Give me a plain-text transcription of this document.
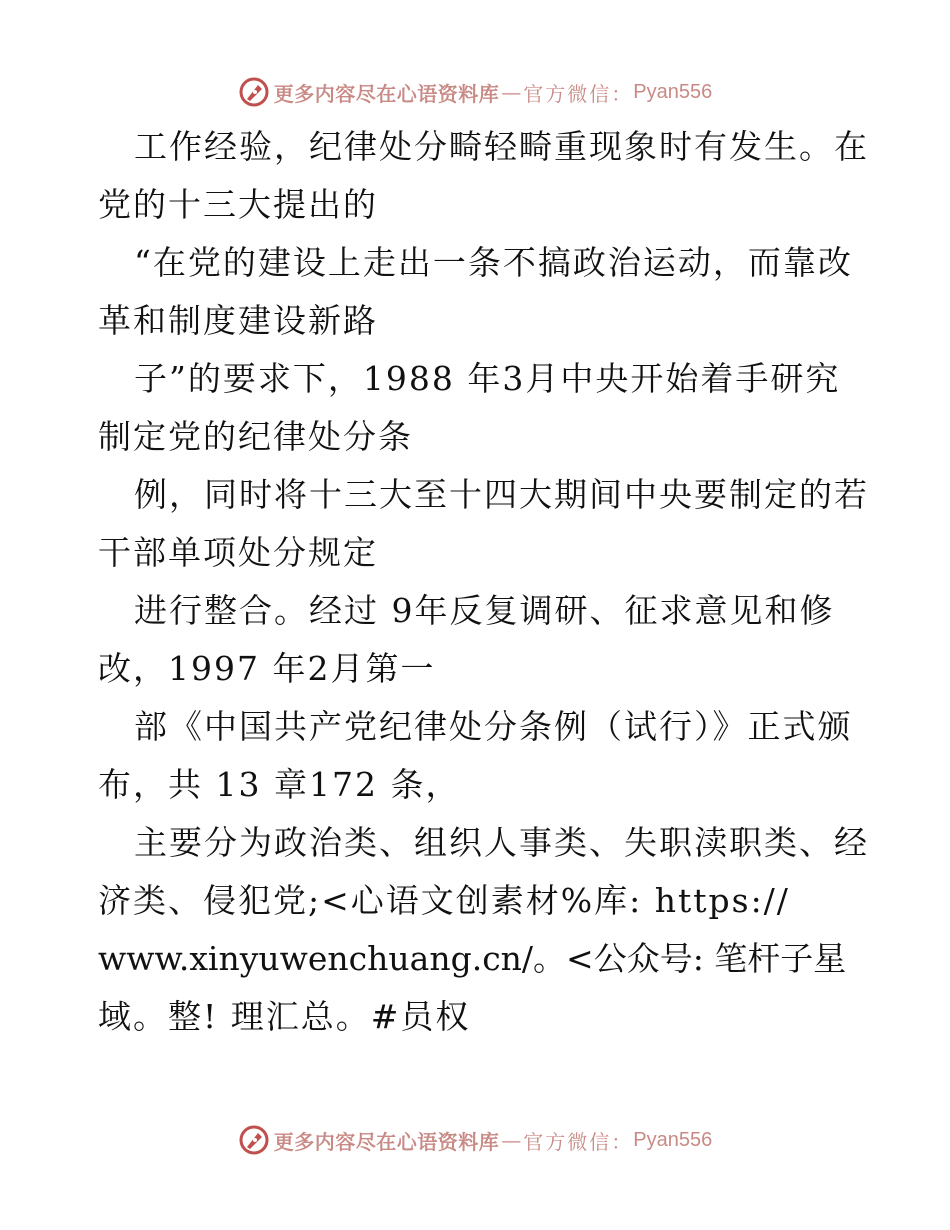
更多内容尽在心语资料库 — 官方微信： Pyan556
工作经验，纪律处分畸轻畸重现象时有发生。在
党的十三大提出的
“在党的建设上走出一条不搞政治运动，而靠改
革和制度建设新路
子”的要求下，1988 年3月中央开始着手研究
制定党的纪律处分条
例，同时将十三大至十四大期间中央要制定的若
干部单项处分规定
进行整合。经过 9年反复调研、征求意见和修
改，1997 年2月第一
部《中国共产党纪律处分条例（试行）》正式颁
布，共 13 章172 条，
主要分为政治类、组织人事类、失职渎职类、经
济类、侵犯党;<心语文创素材%库: https://
www.xinyuwenchuang.cn/。<公众号: 笔杆子星
域。整! 理汇总。#员权
更多内容尽在心语资料库 — 官方微信： Pyan556
